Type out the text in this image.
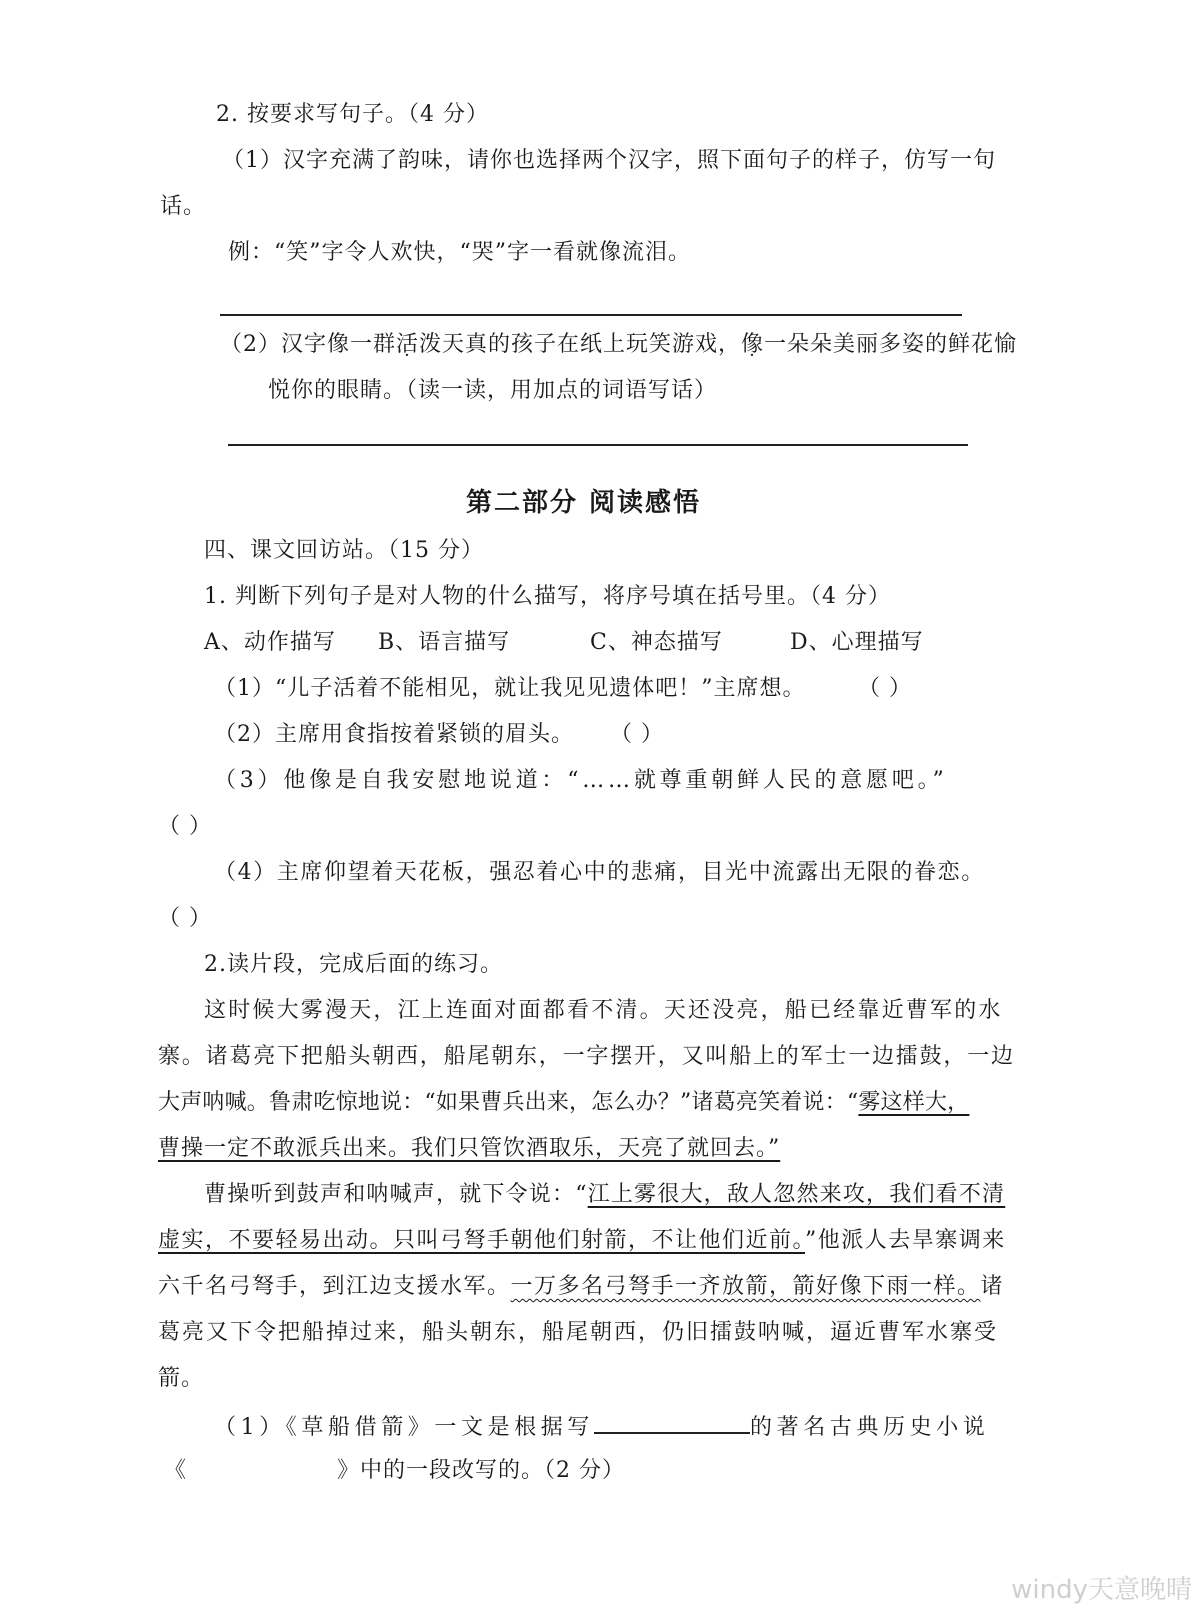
2. 按要求写句子。（4 分）
（1）汉字充满了韵味，请你也选择两个汉字，照下面句子的样子，仿写一句
话。
例：“笑”字令人欢快，“哭”字一看就像流泪。
（2）汉字像一群活泼天真的孩子在纸上玩笑游戏，像一朵朵美丽多姿的鲜花愉
悦你的眼睛。（读一读，用加点的词语写话）
第二部分 阅读感悟
四、课文回访站。（15 分）
1. 判断下列句子是对人物的什么描写，将序号填在括号里。（4 分）
A、动作描写 B、语言描写	C、神态描写	D、心理描写
（1）“儿子活着不能相见，就让我见见遗体吧！”主席想。 （ ）
（2）主席用食指按着紧锁的眉头。 （ ）
（3）他像是自我安慰地说道：“……就尊重朝鲜人民的意愿吧。”
（ ）
（4）主席仰望着天花板，强忍着心中的悲痛，目光中流露出无限的眷恋。
（ ）
2.读片段，完成后面的练习。
这时候大雾漫天，江上连面对面都看不清。天还没亮，船已经靠近曹军的水
寨。诸葛亮下把船头朝西，船尾朝东，一字摆开，又叫船上的军士一边擂鼓，一边
大声呐喊。鲁肃吃惊地说：“如果曹兵出来，怎么办？”诸葛亮笑着说：“雾这样大，
曹操一定不敢派兵出来。我们只管饮酒取乐，天亮了就回去。”
曹操听到鼓声和呐喊声，就下令说：“江上雾很大，敌人忽然来攻，我们看不清
虚实，不要轻易出动。只叫弓弩手朝他们射箭，不让他们近前。”他派人去旱寨调来
六千名弓弩手，到江边支援水军。一万多名弓弩手一齐放箭，箭好像下雨一样。诸
葛亮又下令把船掉过来，船头朝东，船尾朝西，仍旧擂鼓呐喊，逼近曹军水寨受
箭。
（1）《草船借箭》一文是根据写	的著名古典历史小说
《	》中的一段改写的。（2 分）
windy天意晚晴
